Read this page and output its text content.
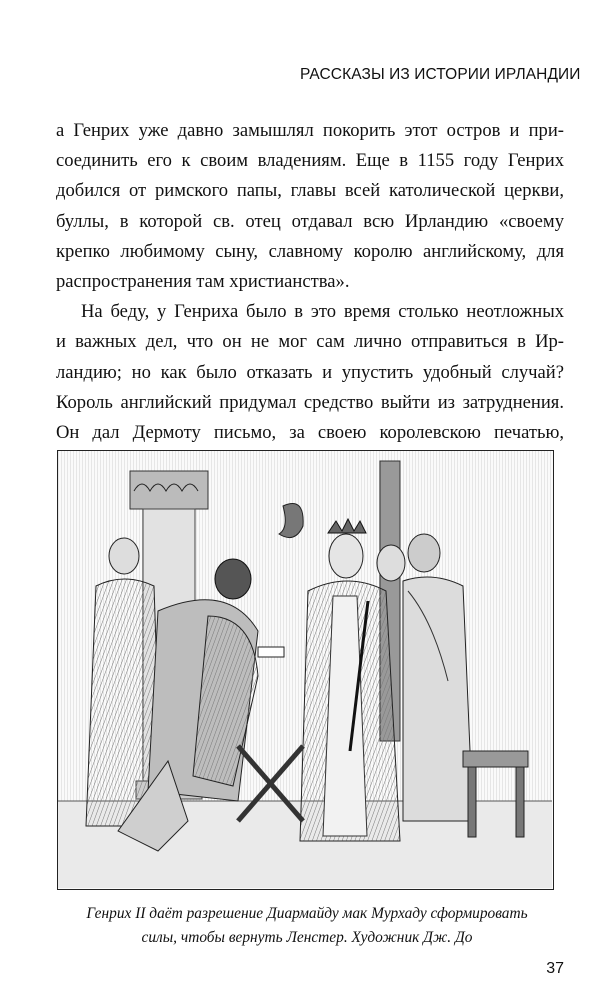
РАССКАЗЫ ИЗ ИСТОРИИ ИРЛАНДИИ
а Генрих уже давно замышлял покорить этот остров и при-
соединить его к своим владениям. Еще в 1155 году Генрих
добился от римского папы, главы всей католической церкви,
буллы, в которой св. отец отдавал всю Ирландию «своему
крепко любимому сыну, славному королю английскому, для
распространения там христианства».
На беду, у Генриха было в это время столько неотложных
и важных дел, что он не мог сам лично отправиться в Ир-
ландию; но как было отказать и упустить удобный случай?
Король английский придумал средство выйти из затруднения.
Он дал Дермоту письмо, за своею королевскою печатью,
Генрих II даёт разрешение Диармайду мак Мурхаду сформировать
силы, чтобы вернуть Ленстер. Художник Дж. До
37
